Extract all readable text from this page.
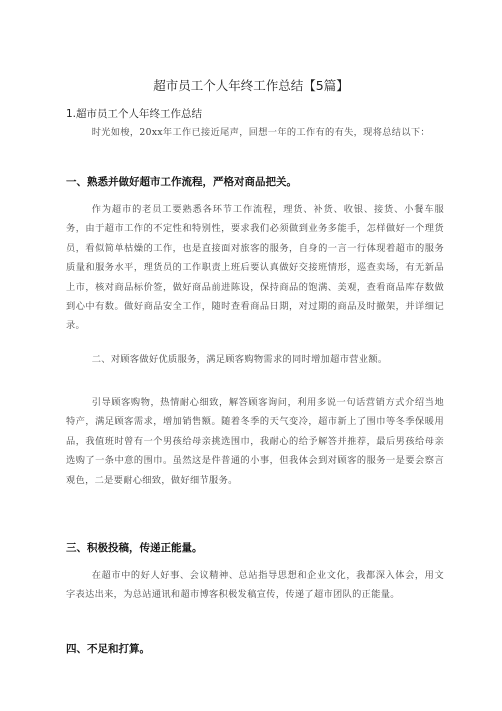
超市员工个人年终工作总结【5篇】

1.超市员工个人年终工作总结

时光如梭，20xx年工作已接近尾声，回想一年的工作有的有失，现将总结以下：

一、熟悉并做好超市工作流程，严格对商品把关。

作为超市的老员工要熟悉各环节工作流程，理货、补货、收银、接货、小餐车服务，由于超市工作的不定性和特别性，要求我们必须做到业务多能手，怎样做好一个理货员，看似简单枯燥的工作，也是直接面对旅客的服务，自身的一言一行体现着超市的服务质量和服务水平，理货员的工作职责上班后要认真做好交接班情形，巡查卖场，有无新品上市，核对商品标价签，做好商品前进陈设，保持商品的饱满、美观，查看商品库存数做到心中有数。做好商品安全工作，随时查看商品日期，对过期的商品及时撤架，并详细记录。

二、对顾客做好优质服务，满足顾客购物需求的同时增加超市营业额。

引导顾客购物，热情耐心细致，解答顾客询问，利用多说一句话营销方式介绍当地特产，满足顾客需求，增加销售额。随着冬季的天气变冷，超市新上了围巾等冬季保暖用品，我值班时曾有一个男孩给母亲挑选围巾，我耐心的给予解答并推荐，最后男孩给母亲选购了一条中意的围巾。虽然这是件普通的小事，但我体会到对顾客的服务一是要会察言观色，二是要耐心细致，做好细节服务。

三、积极投稿，传递正能量。

在超市中的好人好事、会议精神、总站指导思想和企业文化，我都深入体会，用文字表达出来，为总站通讯和超市博客积极发稿宣传，传递了超市团队的正能量。

四、不足和打算。
